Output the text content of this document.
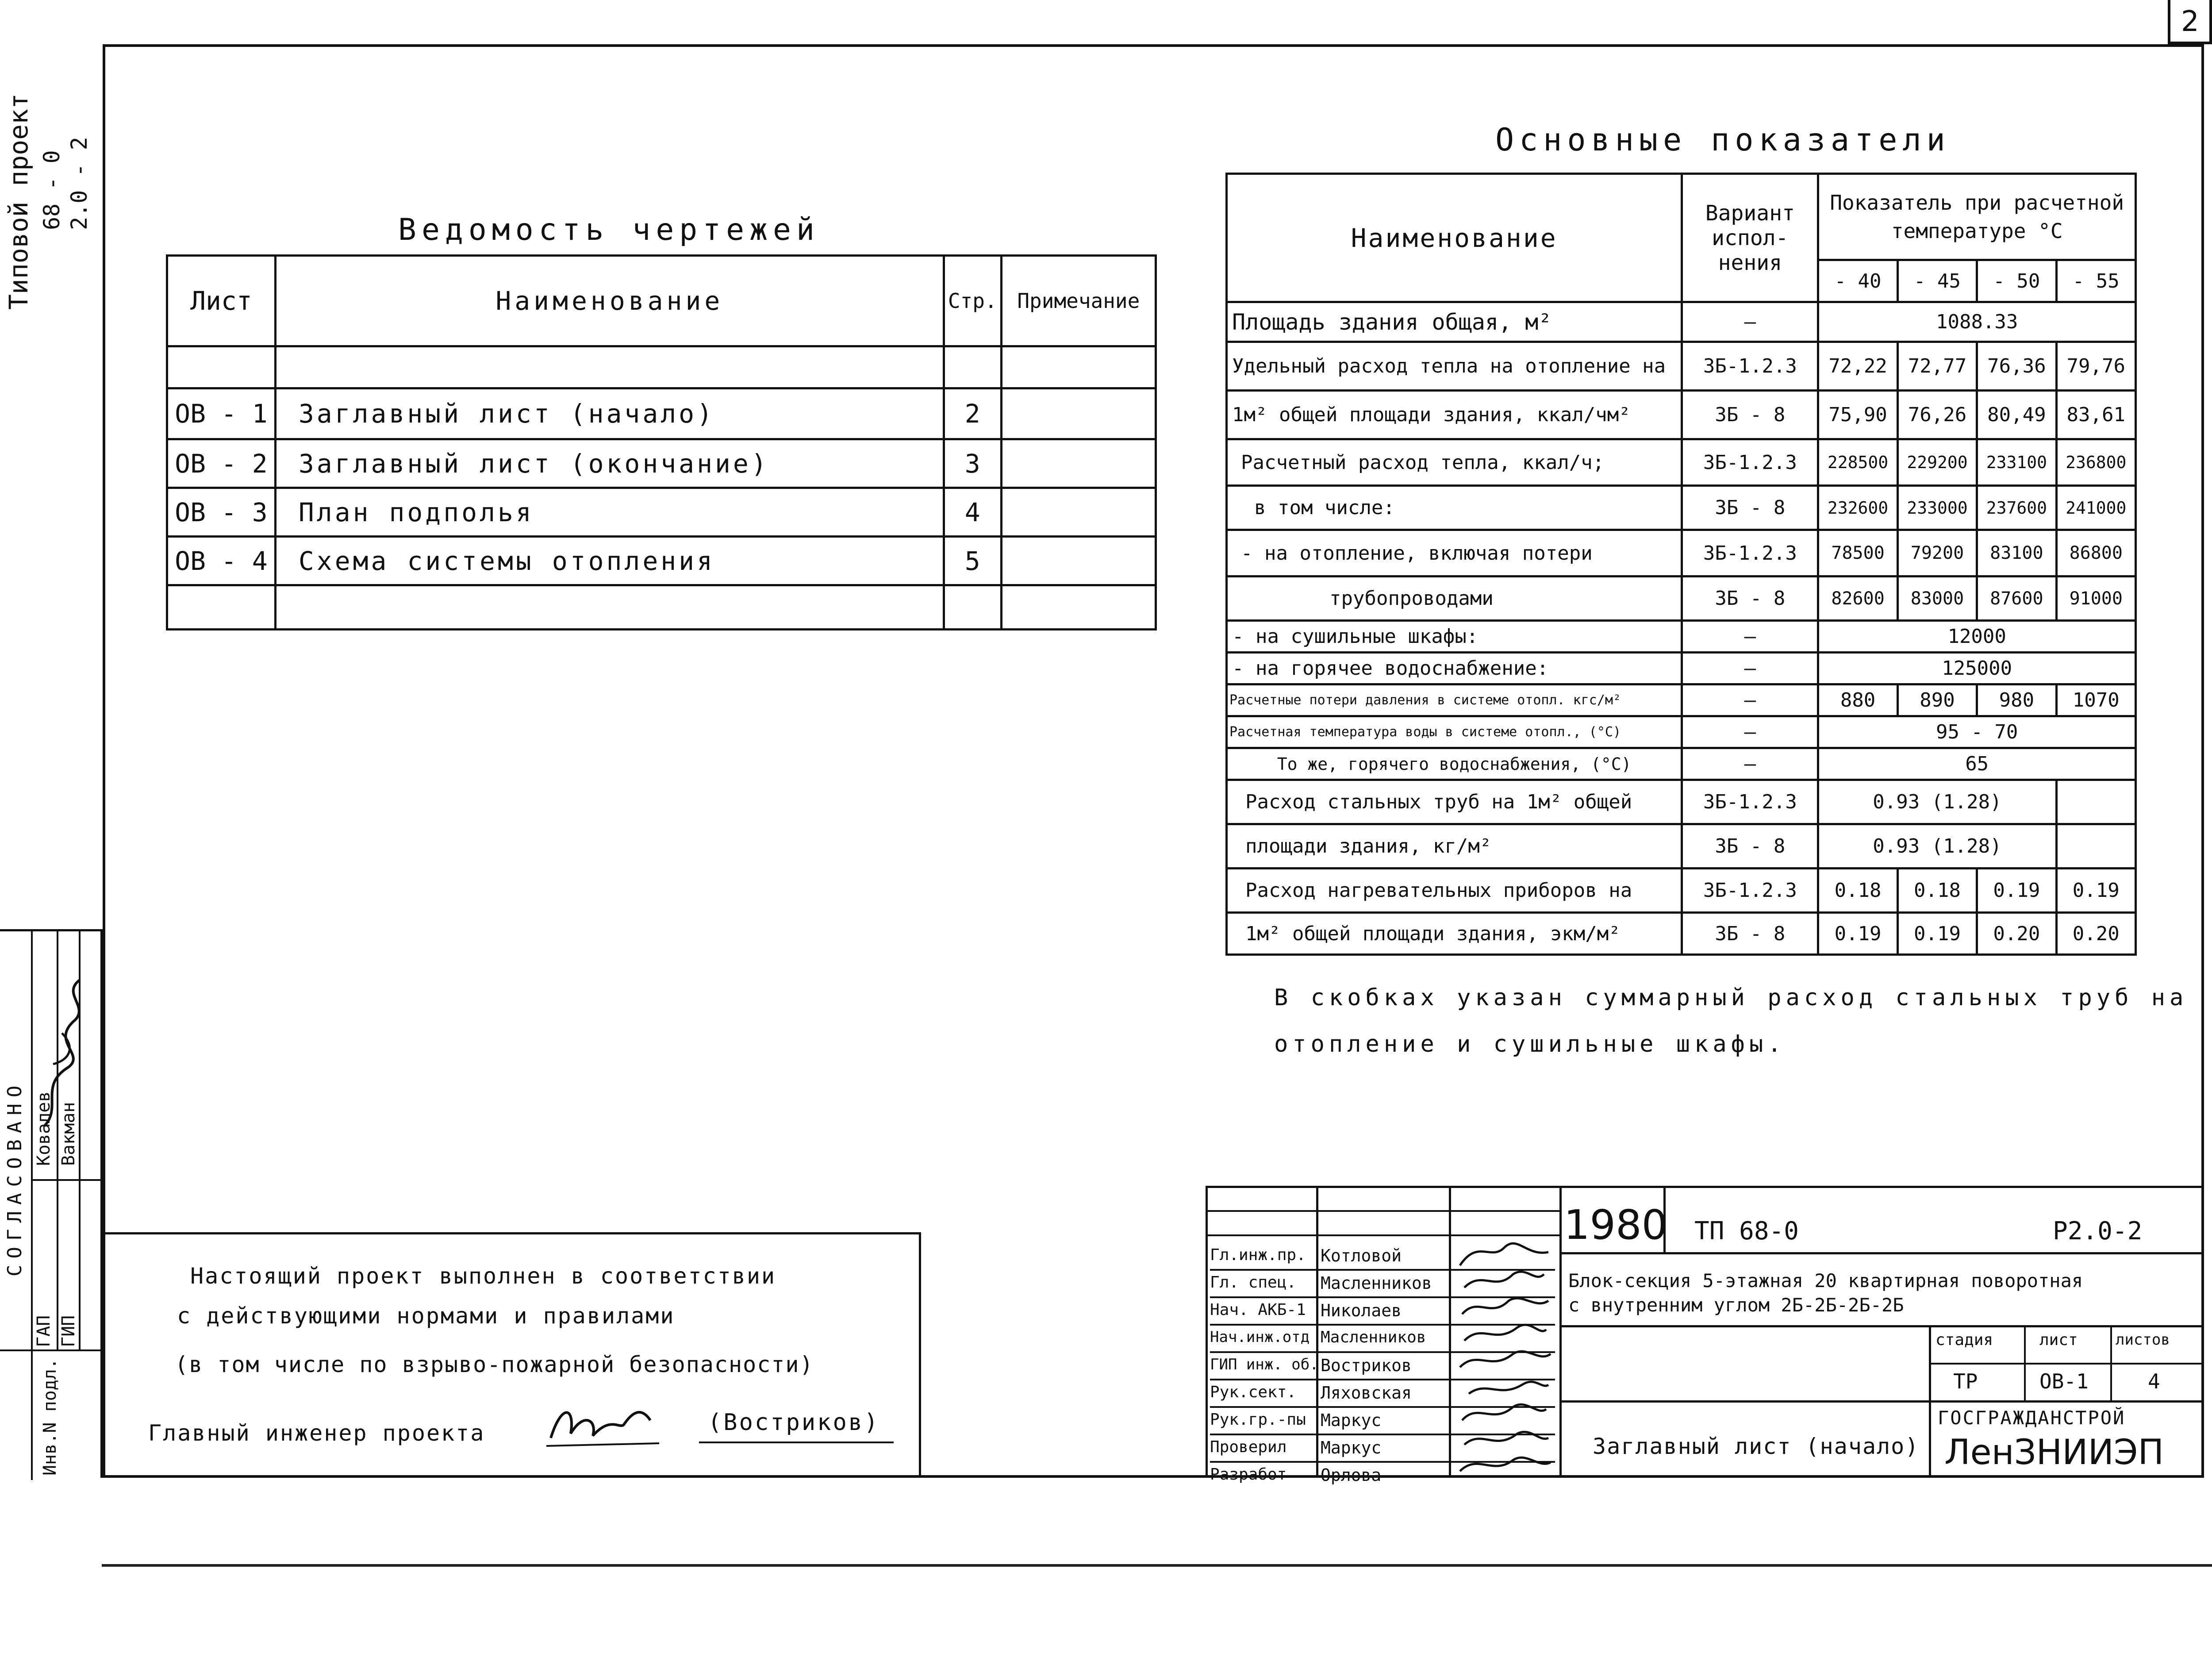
2
Типовой проект 68 - 0 2.0 - 2
СОГЛАСОВАНО
ГАП ГИП
Ковалев Вакман
Инв.N подл.
Ведомость чертежей
Лист	Наименование	Стр.	Примечание

ОВ - 1	Заглавный лист (начало)	2	
ОВ - 2	Заглавный лист (окончание)	3	
ОВ - 3	План подполья	4	
ОВ - 4	Схема системы отопления	5	

Основные показатели
Наименование	Вариант испол- нения	Показатель при расчетной температуре °С			
		- 40	- 45	- 50	- 55
Площадь здания общая, м²	—	1088.33			
Удельный расход тепла на отопление на	3Б-1.2.3	72,22	72,77	76,36	79,76
1м² общей площади здания, ккал/чм²	3Б - 8	75,90	76,26	80,49	83,61
Расчетный расход тепла, ккал/ч;	3Б-1.2.3	228500	229200	233100	236800
в том числе:	3Б - 8	232600	233000	237600	241000
- на отопление, включая потери	3Б-1.2.3	78500	79200	83100	86800
трубопроводами	3Б - 8	82600	83000	87600	91000
- на сушильные шкафы:	—	12000			
- на горячее водоснабжение:	—	125000			
Расчетные потери давления в системе отопл. кгс/м²	—	880	890	980	1070
Расчетная температура воды в системе отопл., (°С)	—	95 - 70			
То же, горячего водоснабжения, (°С)	—	65			
Расход стальных труб на 1м² общей	3Б-1.2.3	0.93 (1.28)			
площади здания, кг/м²	3Б - 8	0.93 (1.28)			
Расход нагревательных приборов на	3Б-1.2.3	0.18	0.18	0.19	0.19
1м² общей площади здания, экм/м²	3Б - 8	0.19	0.19	0.20	0.20
В скобках указан суммарный расход стальных труб на
отопление и сушильные шкафы.
Настоящий проект выполнен в соответствии
с действующими нормами и правилами
(в том числе по взрыво-пожарной безопасности)
Главный инженер проекта	(Востриков)
Гл.инж.пр. Котловой
Гл. спец. Масленников
Нач. АКБ-1 Николаев
Нач.инж.отд Масленников
ГИП инж. об. Востриков
Рук.сект. Ляховская
Рук.гр.-пы Маркус
Проверил Маркус
Разработ Орлова
1980 ТП 68-0	Р2.0-2
Блок-секция 5-этажная 20 квартирная поворотная
с внутренним углом 2Б-2Б-2Б-2Б
стадия	лист	листов
ТР	ОВ-1	4
Заглавный лист (начало)
ГОСГРАЖДАНСТРОЙ
ЛенЗНИИЭП
